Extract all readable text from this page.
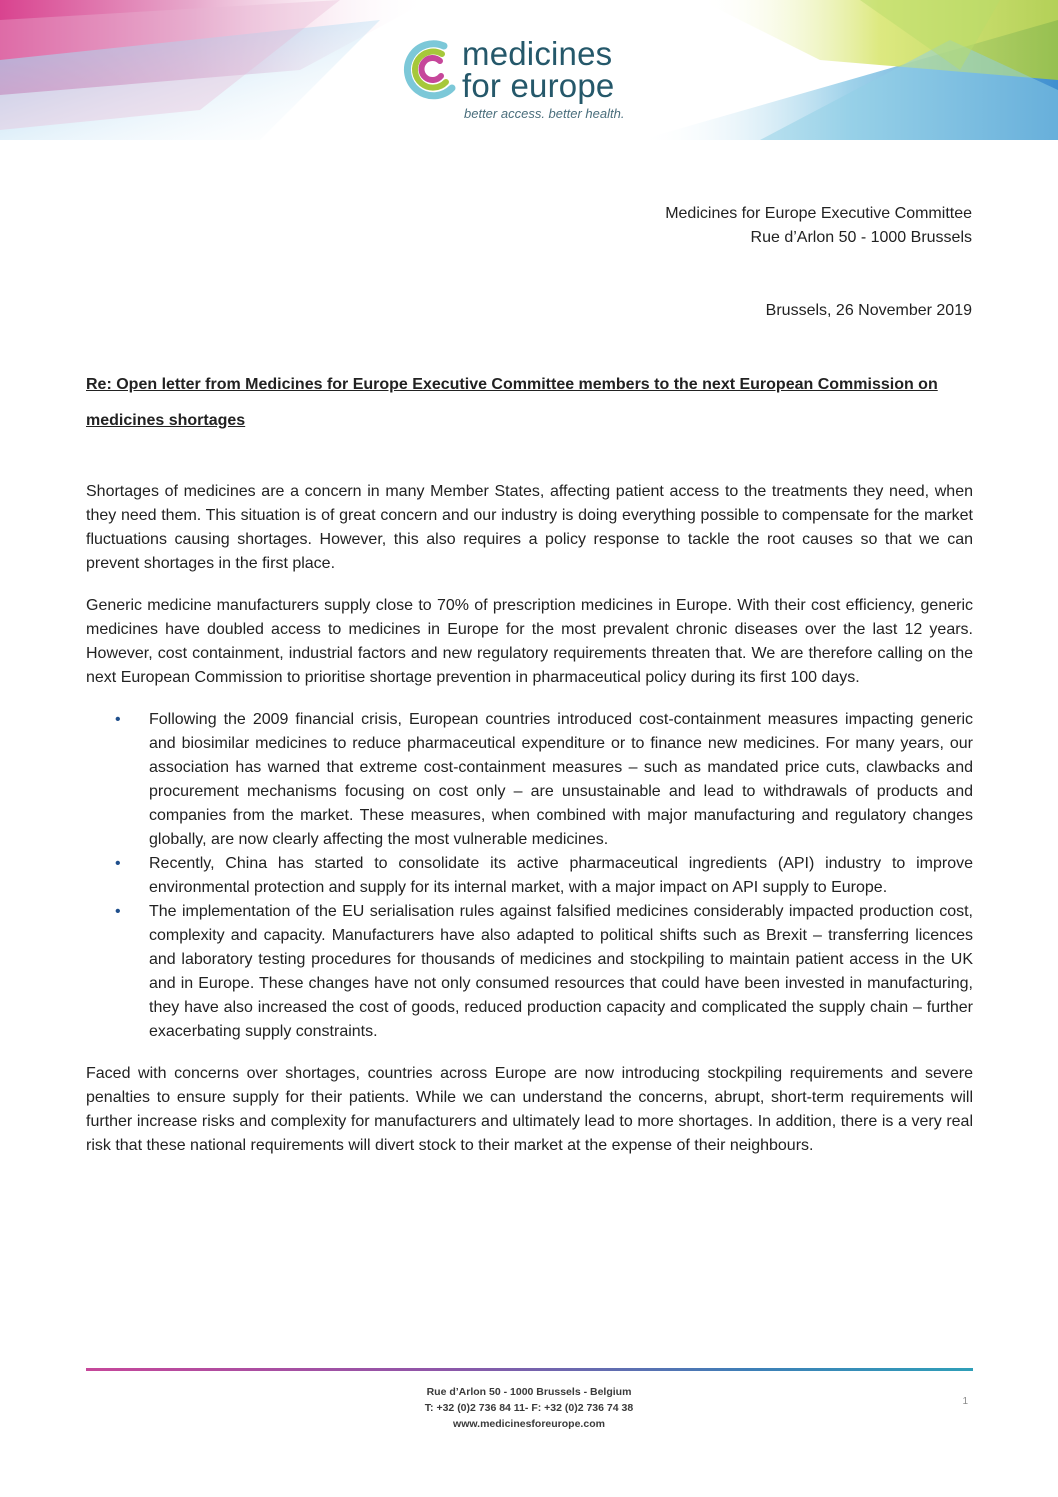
medicines
for europe
better access. better health.
Medicines for Europe Executive Committee
Rue d’Arlon 50 - 1000 Brussels
Brussels, 26 November 2019
Re: Open letter from Medicines for Europe Executive Committee members to the next European Commission on medicines shortages

Shortages of medicines are a concern in many Member States, affecting patient access to the treatments they need, when they need them. This situation is of great concern and our industry is doing everything possible to compensate for the market fluctuations causing shortages. However, this also requires a policy response to tackle the root causes so that we can prevent shortages in the first place.

Generic medicine manufacturers supply close to 70% of prescription medicines in Europe. With their cost efficiency, generic medicines have doubled access to medicines in Europe for the most prevalent chronic diseases over the last 12 years. However, cost containment, industrial factors and new regulatory requirements threaten that. We are therefore calling on the next European Commission to prioritise shortage prevention in pharmaceutical policy during its first 100 days.

• Following the 2009 financial crisis, European countries introduced cost-containment measures impacting generic and biosimilar medicines to reduce pharmaceutical expenditure or to finance new medicines. For many years, our association has warned that extreme cost-containment measures – such as mandated price cuts, clawbacks and procurement mechanisms focusing on cost only – are unsustainable and lead to withdrawals of products and companies from the market. These measures, when combined with major manufacturing and regulatory changes globally, are now clearly affecting the most vulnerable medicines.
• Recently, China has started to consolidate its active pharmaceutical ingredients (API) industry to improve environmental protection and supply for its internal market, with a major impact on API supply to Europe.
• The implementation of the EU serialisation rules against falsified medicines considerably impacted production cost, complexity and capacity. Manufacturers have also adapted to political shifts such as Brexit – transferring licences and laboratory testing procedures for thousands of medicines and stockpiling to maintain patient access in the UK and in Europe. These changes have not only consumed resources that could have been invested in manufacturing, they have also increased the cost of goods, reduced production capacity and complicated the supply chain – further exacerbating supply constraints.

Faced with concerns over shortages, countries across Europe are now introducing stockpiling requirements and severe penalties to ensure supply for their patients. While we can understand the concerns, abrupt, short-term requirements will further increase risks and complexity for manufacturers and ultimately lead to more shortages. In addition, there is a very real risk that these national requirements will divert stock to their market at the expense of their neighbours.

Rue d’Arlon 50 - 1000 Brussels - Belgium
T: +32 (0)2 736 84 11- F: +32 (0)2 736 74 38
www.medicinesforeurope.com
1
